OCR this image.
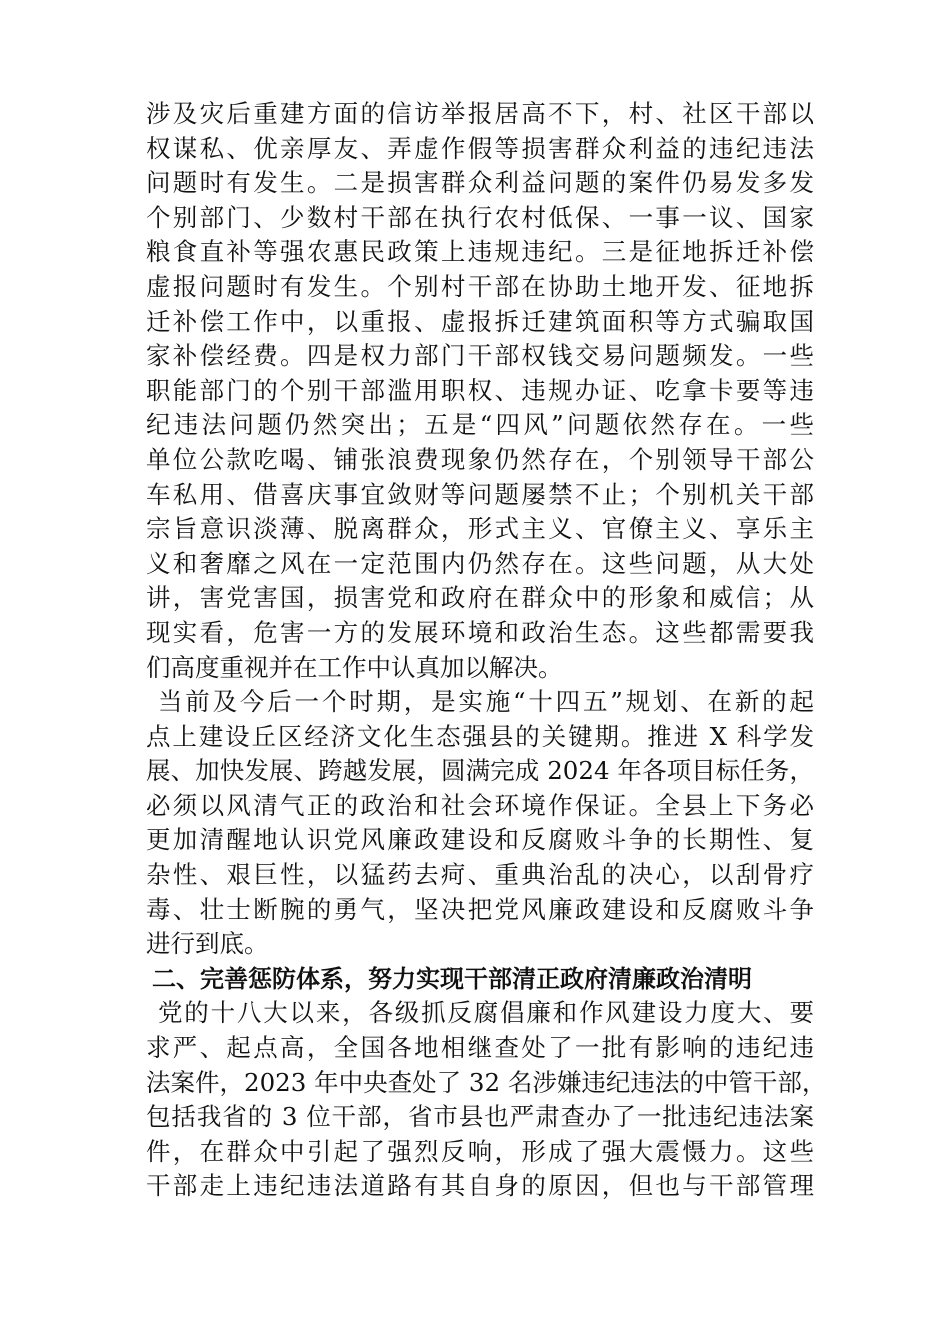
涉及灾后重建方面的信访举报居高不下，村、社区干部以
权谋私、优亲厚友、弄虚作假等损害群众利益的违纪违法
问题时有发生。二是损害群众利益问题的案件仍易发多发
个别部门、少数村干部在执行农村低保、一事一议、国家
粮食直补等强农惠民政策上违规违纪。三是征地拆迁补偿
虚报问题时有发生。个别村干部在协助土地开发、征地拆
迁补偿工作中，以重报、虚报拆迁建筑面积等方式骗取国
家补偿经费。四是权力部门干部权钱交易问题频发。一些
职能部门的个别干部滥用职权、违规办证、吃拿卡要等违
纪违法问题仍然突出；五是“四风”问题依然存在。一些
单位公款吃喝、铺张浪费现象仍然存在，个别领导干部公
车私用、借喜庆事宜敛财等问题屡禁不止；个别机关干部
宗旨意识淡薄、脱离群众，形式主义、官僚主义、享乐主
义和奢靡之风在一定范围内仍然存在。这些问题，从大处
讲，害党害国，损害党和政府在群众中的形象和威信；从
现实看，危害一方的发展环境和政治生态。这些都需要我
们高度重视并在工作中认真加以解决。
当前及今后一个时期，是实施“十四五”规划、在新的起
点上建设丘区经济文化生态强县的关键期。推进 X 科学发
展、加快发展、跨越发展，圆满完成 2024 年各项目标任务，
必须以风清气正的政治和社会环境作保证。全县上下务必
更加清醒地认识党风廉政建设和反腐败斗争的长期性、复
杂性、艰巨性，以猛药去疴、重典治乱的决心，以刮骨疗
毒、壮士断腕的勇气，坚决把党风廉政建设和反腐败斗争
进行到底。
二、完善惩防体系，努力实现干部清正政府清廉政治清明
党的十八大以来，各级抓反腐倡廉和作风建设力度大、要
求严、起点高，全国各地相继查处了一批有影响的违纪违
法案件，2023 年中央查处了 32 名涉嫌违纪违法的中管干部，
包括我省的 3 位干部，省市县也严肃查办了一批违纪违法案
件，在群众中引起了强烈反响，形成了强大震慑力。这些
干部走上违纪违法道路有其自身的原因，但也与干部管理
